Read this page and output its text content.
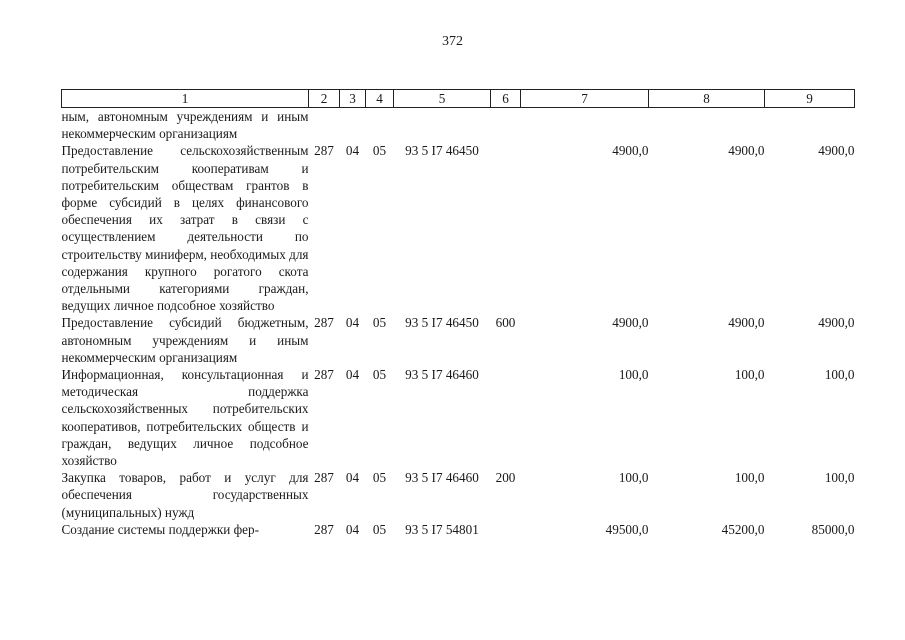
372
1	2	3	4	5	6	7	8	9
ным, автономным учреждениям и иным некоммерческим организациям								
Предоставление сельскохозяйственным потребительским кооперативам и потребительским обществам грантов в форме субсидий в целях финансового обеспечения их затрат в связи с осуществлением деятельности по строительству миниферм, необходимых для содержания крупного рогатого скота отдельными категориями граждан, ведущих личное подсобное хозяйство	287	04	05	93 5 I7 46450		4900,0	4900,0	4900,0
Предоставление субсидий бюджетным, автономным учреждениям и иным некоммерческим организациям	287	04	05	93 5 I7 46450	600	4900,0	4900,0	4900,0
Информационная, консультационная и методическая поддержка сельскохозяйственных потребительских кооперативов, потребительских обществ и граждан, ведущих личное подсобное хозяйство	287	04	05	93 5 I7 46460		100,0	100,0	100,0
Закупка товаров, работ и услуг для обеспечения государственных (муниципальных) нужд	287	04	05	93 5 I7 46460	200	100,0	100,0	100,0
Создание системы поддержки фер-	287	04	05	93 5 I7 54801		49500,0	45200,0	85000,0
